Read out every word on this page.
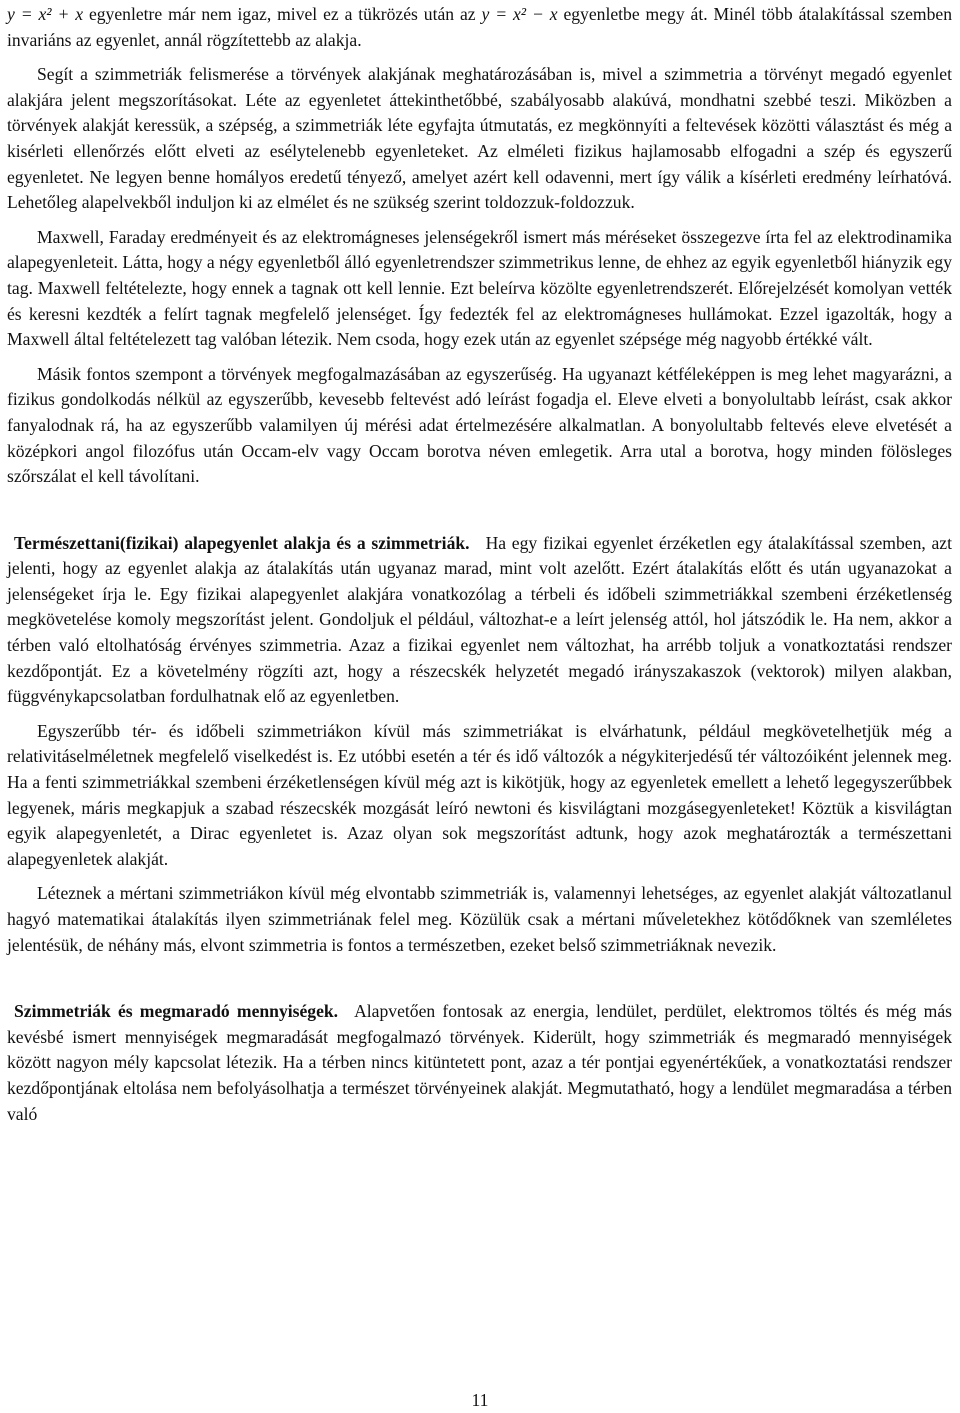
y = x² + x egyenletre már nem igaz, mivel ez a tükrözés után az y = x² − x egyenletbe megy át. Minél több átalakítással szemben invariáns az egyenlet, annál rögzítettebb az alakja.

Segít a szimmetriák felismerése a törvények alakjának meghatározásában is, mivel a szimmetria a törvényt megadó egyenlet alakjára jelent megszorításokat. Léte az egyenletet áttekinthetőbbé, szabályosabb alakúvá, mondhatni szebbé teszi. Miközben a törvények alakját keressük, a szépség, a szimmetriák léte egyfajta útmutatás, ez megkönnyíti a feltevések közötti választást és még a kisérleti ellenőrzés előtt elveti az esélytelenebb egyenleteket. Az elméleti fizikus hajlamosabb elfogadni a szép és egyszerű egyenletet. Ne legyen benne homályos eredetű tényező, amelyet azért kell odavenni, mert így válik a kísérleti eredmény leírhatóvá. Lehetőleg alapelvekből induljon ki az elmélet és ne szükség szerint toldozzuk-foldozzuk.

Maxwell, Faraday eredményeit és az elektromágneses jelenségekről ismert más méréseket összegezve írta fel az elektrodinamika alapegyenleteit. Látta, hogy a négy egyenletből álló egyenletrendszer szimmetrikus lenne, de ehhez az egyik egyenletből hiányzik egy tag. Maxwell feltételezte, hogy ennek a tagnak ott kell lennie. Ezt beleírva közölte egyenletrendszerét. Előrejelzését komolyan vették és keresni kezdték a felírt tagnak megfelelő jelenséget. Így fedezték fel az elektromágneses hullámokat. Ezzel igazolták, hogy a Maxwell által feltételezett tag valóban létezik. Nem csoda, hogy ezek után az egyenlet szépsége még nagyobb értékké vált.

Másik fontos szempont a törvények megfogalmazásában az egyszerűség. Ha ugyanazt kétféleképpen is meg lehet magyarázni, a fizikus gondolkodás nélkül az egyszerűbb, kevesebb feltevést adó leírást fogadja el. Eleve elveti a bonyolultabb leírást, csak akkor fanyalodnak rá, ha az egyszerűbb valamilyen új mérési adat értelmezésére alkalmatlan. A bonyolultabb feltevés eleve elvetését a középkori angol filozófus után Occam-elv vagy Occam borotva néven emlegetik. Arra utal a borotva, hogy minden fölösleges szőrszálat el kell távolítani.

Természettani(fizikai) alapegyenlet alakja és a szimmetriák. Ha egy fizikai egyenlet érzéketlen egy átalakítással szemben, azt jelenti, hogy az egyenlet alakja az átalakítás után ugyanaz marad, mint volt azelőtt. Ezért átalakítás előtt és után ugyanazokat a jelenségeket írja le. Egy fizikai alapegyenlet alakjára vonatkozólag a térbeli és időbeli szimmetriákkal szembeni érzéketlenség megkövetelése komoly megszorítást jelent. Gondoljuk el például, változhat-e a leírt jelenség attól, hol játszódik le. Ha nem, akkor a térben való eltolhatóság érvényes szimmetria. Azaz a fizikai egyenlet nem változhat, ha arrébb toljuk a vonatkoztatási rendszer kezdőpontját. Ez a követelmény rögzíti azt, hogy a részecskék helyzetét megadó irányszakaszok (vektorok) milyen alakban, függvénykapcsolatban fordulhatnak elő az egyenletben.

Egyszerűbb tér- és időbeli szimmetriákon kívül más szimmetriákat is elvárhatunk, például megkövetelhetjük még a relativitáselméletnek megfelelő viselkedést is. Ez utóbbi esetén a tér és idő változók a négykiterjedésű tér változóiként jelennek meg. Ha a fenti szimmetriákkal szembeni érzéketlenségen kívül még azt is kikötjük, hogy az egyenletek emellett a lehető legegyszerűbbek legyenek, máris megkapjuk a szabad részecskék mozgását leíró newtoni és kisvilágtani mozgásegyenleteket! Köztük a kisvilágtan egyik alapegyenletét, a Dirac egyenletet is. Azaz olyan sok megszorítást adtunk, hogy azok meghatározták a természettani alapegyenletek alakját.

Léteznek a mértani szimmetriákon kívül még elvontabb szimmetriák is, valamennyi lehetséges, az egyenlet alakját változatlanul hagyó matematikai átalakítás ilyen szimmetriának felel meg. Közülük csak a mértani műveletekhez kötődőknek van szemléletes jelentésük, de néhány más, elvont szimmetria is fontos a természetben, ezeket belső szimmetriáknak nevezik.

Szimmetriák és megmaradó mennyiségek. Alapvetően fontosak az energia, lendület, perdület, elektromos töltés és még más kevésbé ismert mennyiségek megmaradását megfogalmazó törvények. Kiderült, hogy szimmetriák és megmaradó mennyiségek között nagyon mély kapcsolat létezik. Ha a térben nincs kitüntetett pont, azaz a tér pontjai egyenértékűek, a vonatkoztatási rendszer kezdőpontjának eltolása nem befolyásolhatja a természet törvényeinek alakját. Megmutatható, hogy a lendület megmaradása a térben való

11
